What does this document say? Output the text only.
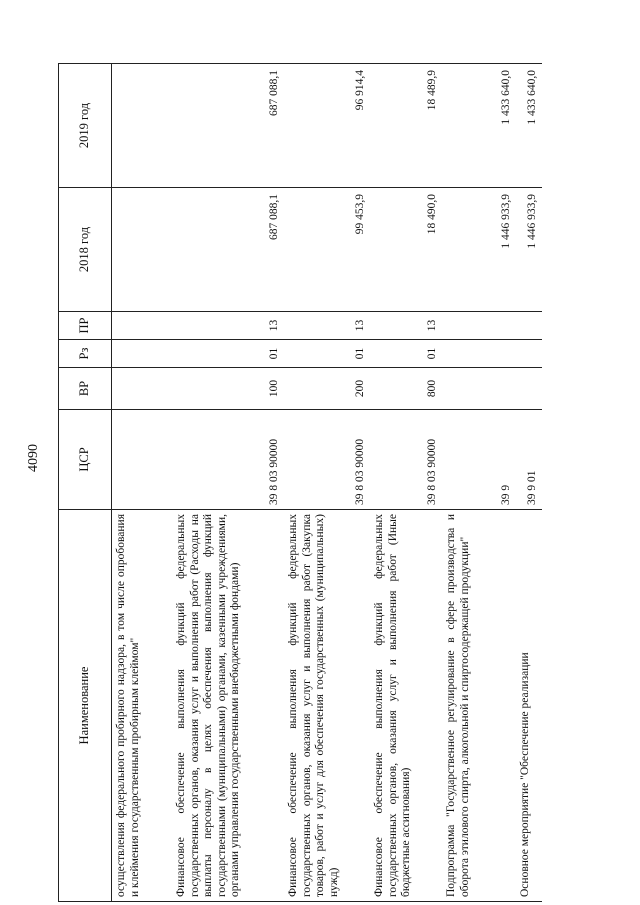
4090
Наименование	ЦСР	ВР	Рз	ПР	2018 год	2019 год
осуществления федерального пробирного надзора, в том числе опробования и клеймения государственным пробирным клеймом"						
Финансовое обеспечение выполнения функций федеральных государственных органов, оказания услуг и выполнения работ (Расходы на выплаты персоналу в целях обеспечения выполнения функций государственными (муниципальными) органами, казенными учреждениями, органами управления государственными внебюджетными фондами)	39 8 03 90000	100	01	13	687 088,1	687 088,1
Финансовое обеспечение выполнения функций федеральных государственных органов, оказания услуг и выполнения работ (Закупка товаров, работ и услуг для обеспечения государственных (муниципальных) нужд)	39 8 03 90000	200	01	13	99 453,9	96 914,4
Финансовое обеспечение выполнения функций федеральных государственных органов, оказания услуг и выполнения работ (Иные бюджетные ассигнования)	39 8 03 90000	800	01	13	18 490,0	18 489,9
Подпрограмма "Государственное регулирование в сфере производства и оборота этилового спирта, алкогольной и спиртосодержащей продукции"	39 9				1 446 933,9	1 433 640,0
Основное мероприятие "Обеспечение реализации	39 9 01				1 446 933,9	1 433 640,0
